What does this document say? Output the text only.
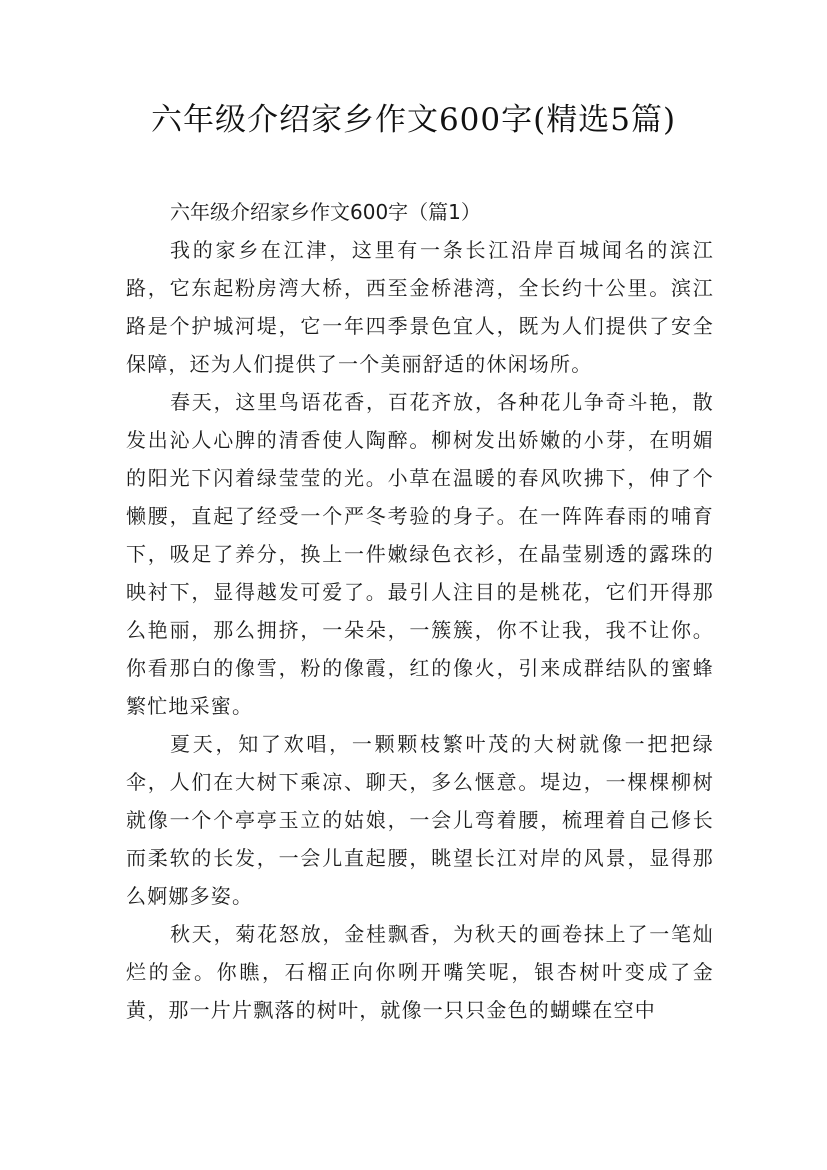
六年级介绍家乡作文600字(精选5篇)

六年级介绍家乡作文600字（篇1）

我的家乡在江津，这里有一条长江沿岸百城闻名的滨江路，它东起粉房湾大桥，西至金桥港湾，全长约十公里。滨江路是个护城河堤，它一年四季景色宜人，既为人们提供了安全保障，还为人们提供了一个美丽舒适的休闲场所。

春天，这里鸟语花香，百花齐放，各种花儿争奇斗艳，散发出沁人心脾的清香使人陶醉。柳树发出娇嫩的小芽，在明媚的阳光下闪着绿莹莹的光。小草在温暖的春风吹拂下，伸了个懒腰，直起了经受一个严冬考验的身子。在一阵阵春雨的哺育下，吸足了养分，换上一件嫩绿色衣衫，在晶莹剔透的露珠的映衬下，显得越发可爱了。最引人注目的是桃花，它们开得那么艳丽，那么拥挤，一朵朵，一簇簇，你不让我，我不让你。你看那白的像雪，粉的像霞，红的像火，引来成群结队的蜜蜂繁忙地采蜜。

夏天，知了欢唱，一颗颗枝繁叶茂的大树就像一把把绿伞，人们在大树下乘凉、聊天，多么惬意。堤边，一棵棵柳树就像一个个亭亭玉立的姑娘，一会儿弯着腰，梳理着自己修长而柔软的长发，一会儿直起腰，眺望长江对岸的风景，显得那么婀娜多姿。

秋天，菊花怒放，金桂飘香，为秋天的画卷抹上了一笔灿烂的金。你瞧，石榴正向你咧开嘴笑呢，银杏树叶变成了金黄，那一片片飘落的树叶，就像一只只金色的蝴蝶在空中
